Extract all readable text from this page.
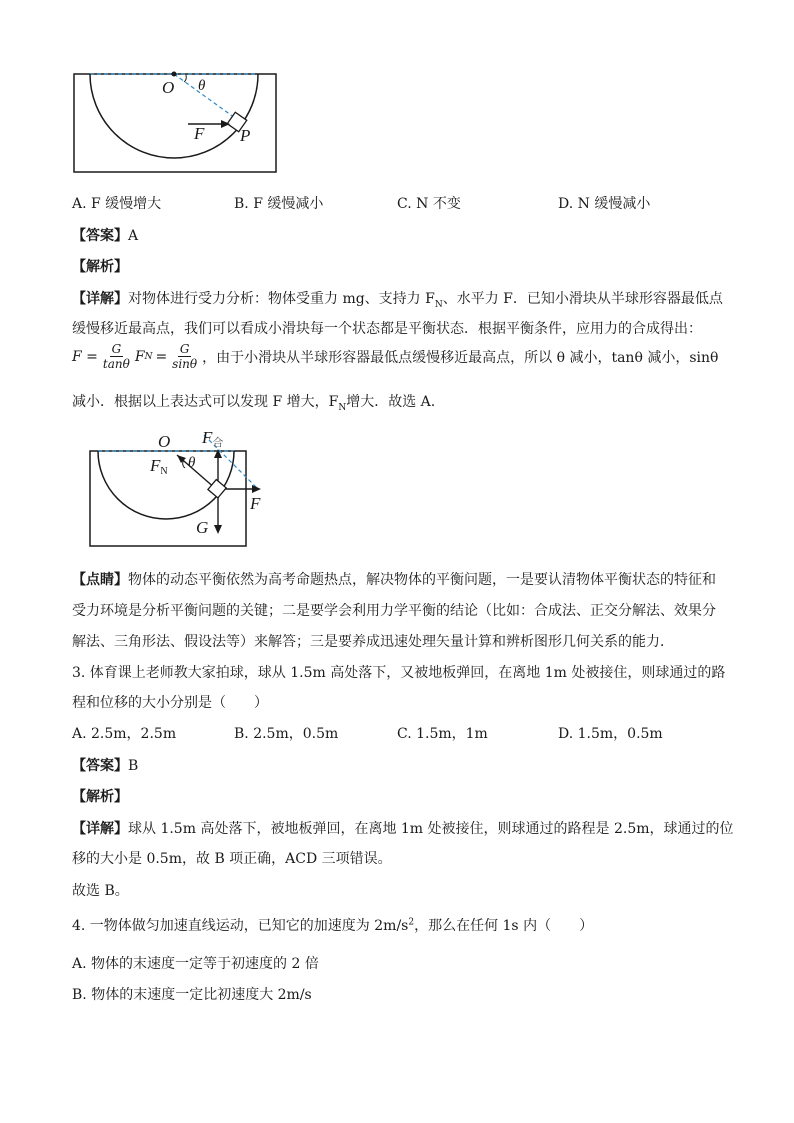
O θ
F P
A. F 缓慢增大	B. F 缓慢减小	C. N 不变	D. N 缓慢减小
【答案】A
【解析】
【详解】对物体进行受力分析：物体受重力 mg、支持力 $F_N$、水平力 F．已知小滑块从半球形容器最低点
缓慢移近最高点，我们可以看成小滑块每一个状态都是平衡状态．根据平衡条件，应用力的合成得出：
$F = \frac{G}{\tan\theta}$ F $N = \frac{G}{\sin\theta}$ ，由于小滑块从半球形容器最低点缓慢移近最高点，所以 θ 减小，tanθ 减小，sinθ
减小．根据以上表达式可以发现 F 增大，$F_N$增大．故选 A.
O F合
FN
θ
G
F
【点睛】物体的动态平衡依然为高考命题热点，解决物体的平衡问题，一是要认清物体平衡状态的特征和
受力环境是分析平衡问题的关键；二是要学会利用力学平衡的结论（比如：合成法、正交分解法、效果分
解法、三角形法、假设法等）来解答；三是要养成迅速处理矢量计算和辨析图形几何关系的能力．
3. 体育课上老师教大家拍球，球从 1.5m 高处落下，又被地板弹回，在离地 1m 处被接住，则球通过的路
程和位移的大小分别是（　　）
A. 2.5m，2.5m	B. 2.5m，0.5m	C. 1.5m，1m	D. 1.5m，0.5m
【答案】B
【解析】
【详解】球从 1.5m 高处落下，被地板弹回，在离地 1m 处被接住，则球通过的路程是 2.5m，球通过的位
移的大小是 0.5m，故 B 项正确，ACD 三项错误。
故选 B。
4. 一物体做匀加速直线运动，已知它的加速度为 $2m/s^2$，那么在任何 1s 内（　　）
A. 物体的末速度一定等于初速度的 2 倍
B. 物体的末速度一定比初速度大 2m/s
